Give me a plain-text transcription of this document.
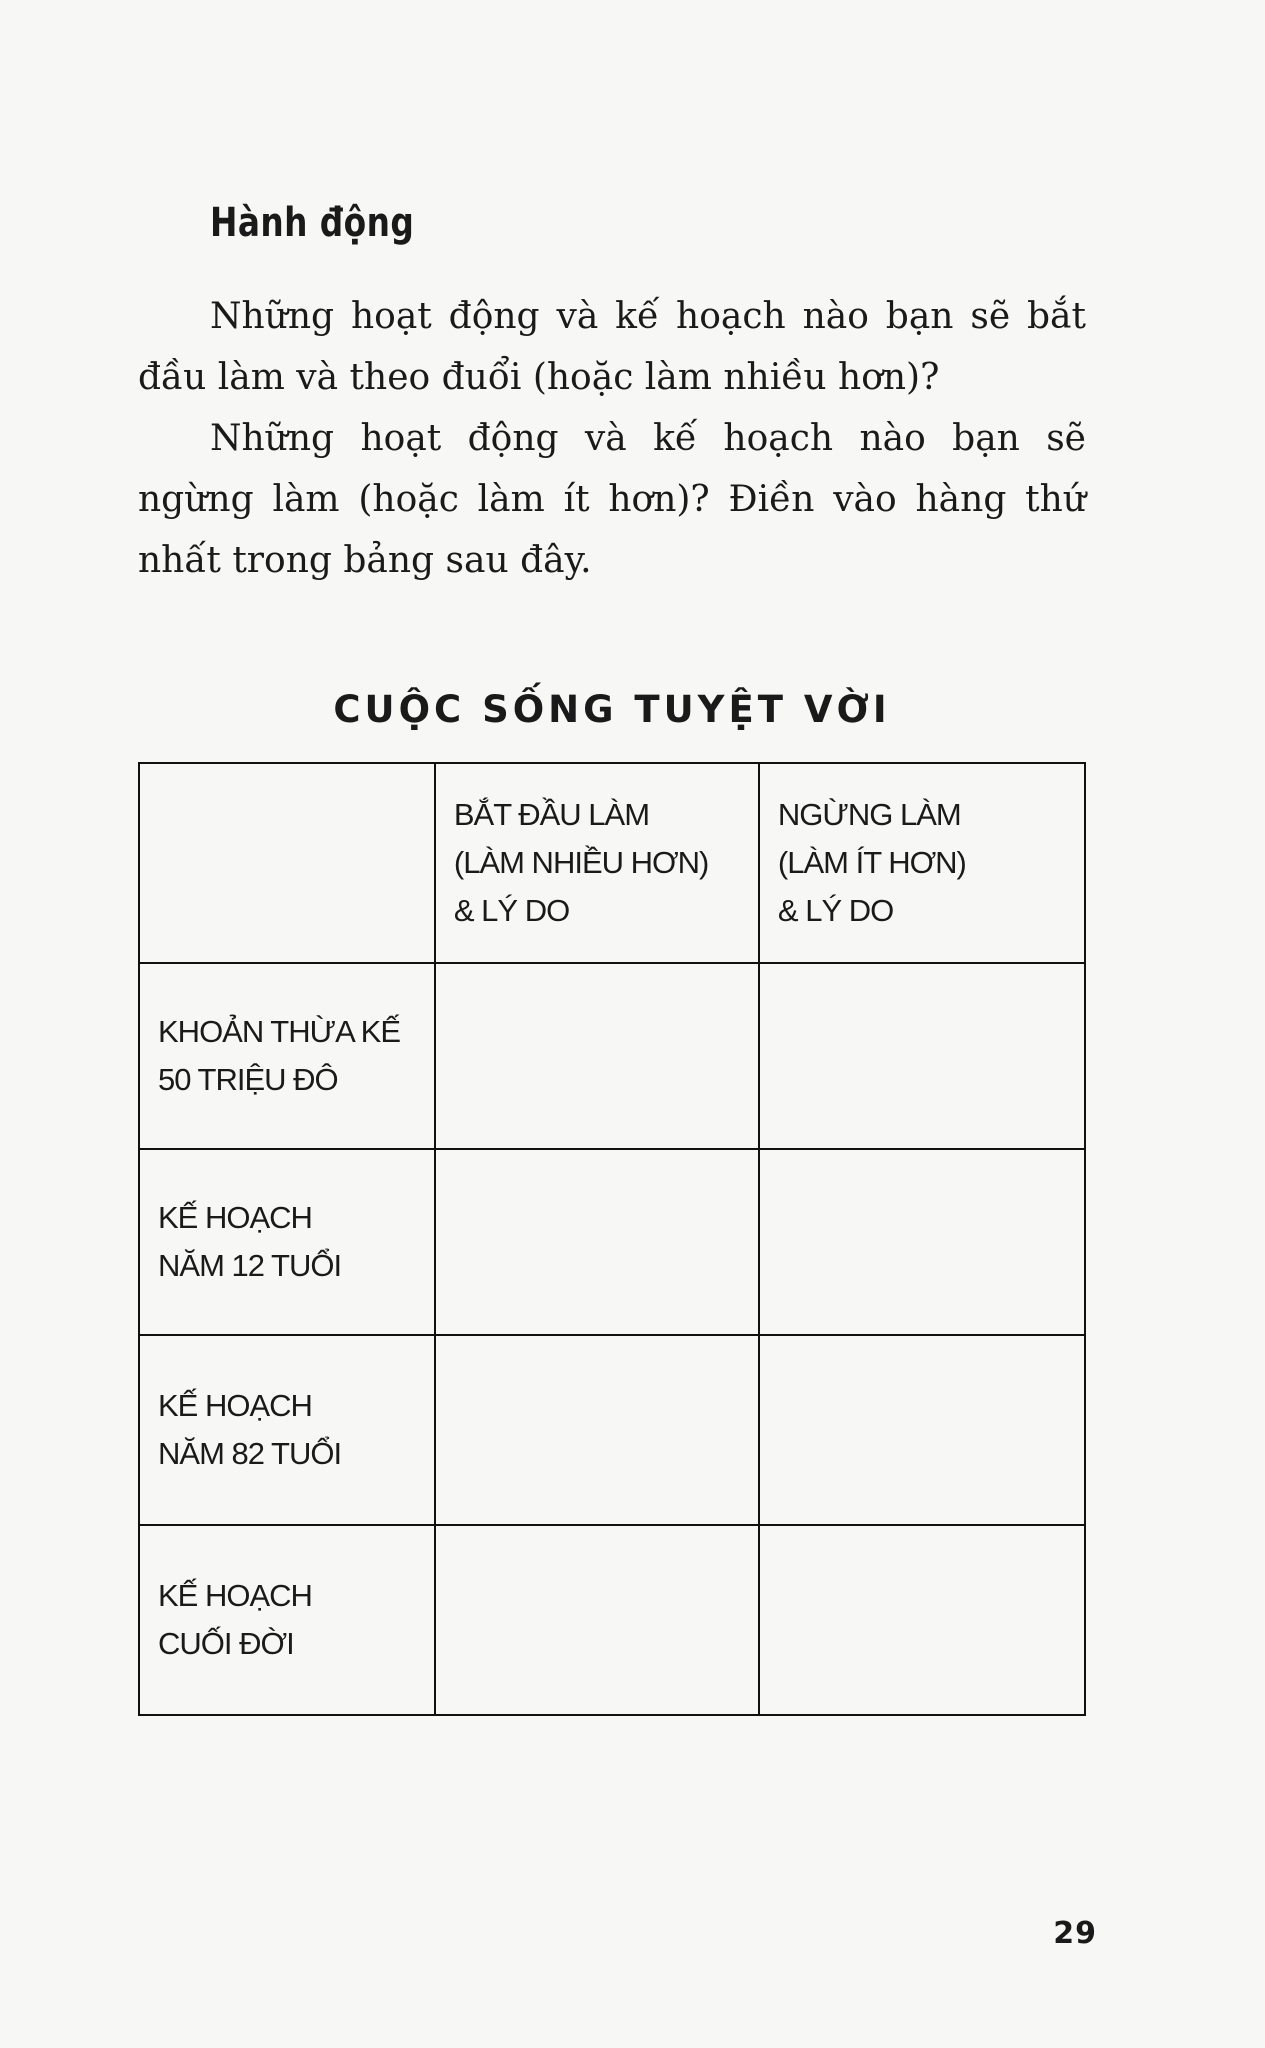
Hành động

Những hoạt động và kế hoạch nào bạn sẽ bắt đầu làm và theo đuổi (hoặc làm nhiều hơn)?

Những hoạt động và kế hoạch nào bạn sẽ ngừng làm (hoặc làm ít hơn)? Điền vào hàng thứ nhất trong bảng sau đây.

CUỘC SỐNG TUYỆT VỜI

	BẮT ĐẦU LÀM
(LÀM NHIỀU HƠN)
& LÝ DO	NGỪNG LÀM
(LÀM ÍT HƠN)
& LÝ DO

KHOẢN THỪA KẾ
50 TRIỆU ĐÔ		

KẾ HOẠCH
NĂM 12 TUỔI		

KẾ HOẠCH
NĂM 82 TUỔI		

KẾ HOẠCH
CUỐI ĐỜI		

29
